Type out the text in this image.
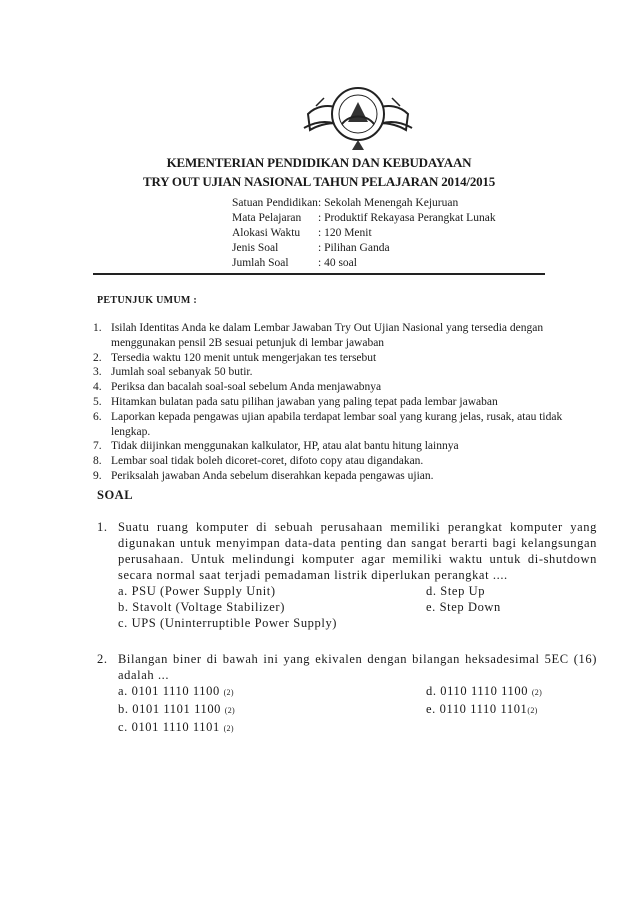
KEMENTERIAN PENDIDIKAN DAN KEBUDAYAAN
TRY OUT UJIAN NASIONAL TAHUN PELAJARAN 2014/2015
Satuan Pendidikan : Sekolah Menengah Kejuruan
Mata Pelajaran	: Produktif Rekayasa Perangkat Lunak
Alokasi Waktu	: 120 Menit
Jenis Soal	: Pilihan Ganda
Jumlah Soal	: 40 soal
PETUNJUK UMUM :
1. Isilah Identitas Anda ke dalam Lembar Jawaban Try Out Ujian Nasional yang tersedia dengan menggunakan pensil 2B sesuai petunjuk di lembar jawaban
2. Tersedia waktu 120 menit untuk mengerjakan tes tersebut
3. Jumlah soal sebanyak 50 butir.
4. Periksa dan bacalah soal-soal sebelum Anda menjawabnya
5. Hitamkan bulatan pada satu pilihan jawaban yang paling tepat pada lembar jawaban
6. Laporkan kepada pengawas ujian apabila terdapat lembar soal yang kurang jelas, rusak, atau tidak lengkap.
7. Tidak diijinkan menggunakan kalkulator, HP, atau alat bantu hitung lainnya
8. Lembar soal tidak boleh dicoret-coret, difoto copy atau digandakan.
9. Periksalah jawaban Anda sebelum diserahkan kepada pengawas ujian.
SOAL
1. Suatu ruang komputer di sebuah perusahaan memiliki perangkat komputer yang digunakan untuk menyimpan data-data penting dan sangat berarti bagi kelangsungan perusahaan. Untuk melindungi komputer agar memiliki waktu untuk di-shutdown secara normal saat terjadi pemadaman listrik diperlukan perangkat ....
a. PSU (Power Supply Unit)	d. Step Up
b. Stavolt (Voltage Stabilizer)	e. Step Down
c. UPS (Uninterruptible Power Supply)
2. Bilangan biner di bawah ini yang ekivalen dengan bilangan heksadesimal 5EC (16) adalah ...
a. 0101 1110 1100 (2)	d. 0110 1110 1100 (2)
b. 0101 1101 1100 (2)	e. 0110 1110 1101(2)
c. 0101 1110 1101 (2)
